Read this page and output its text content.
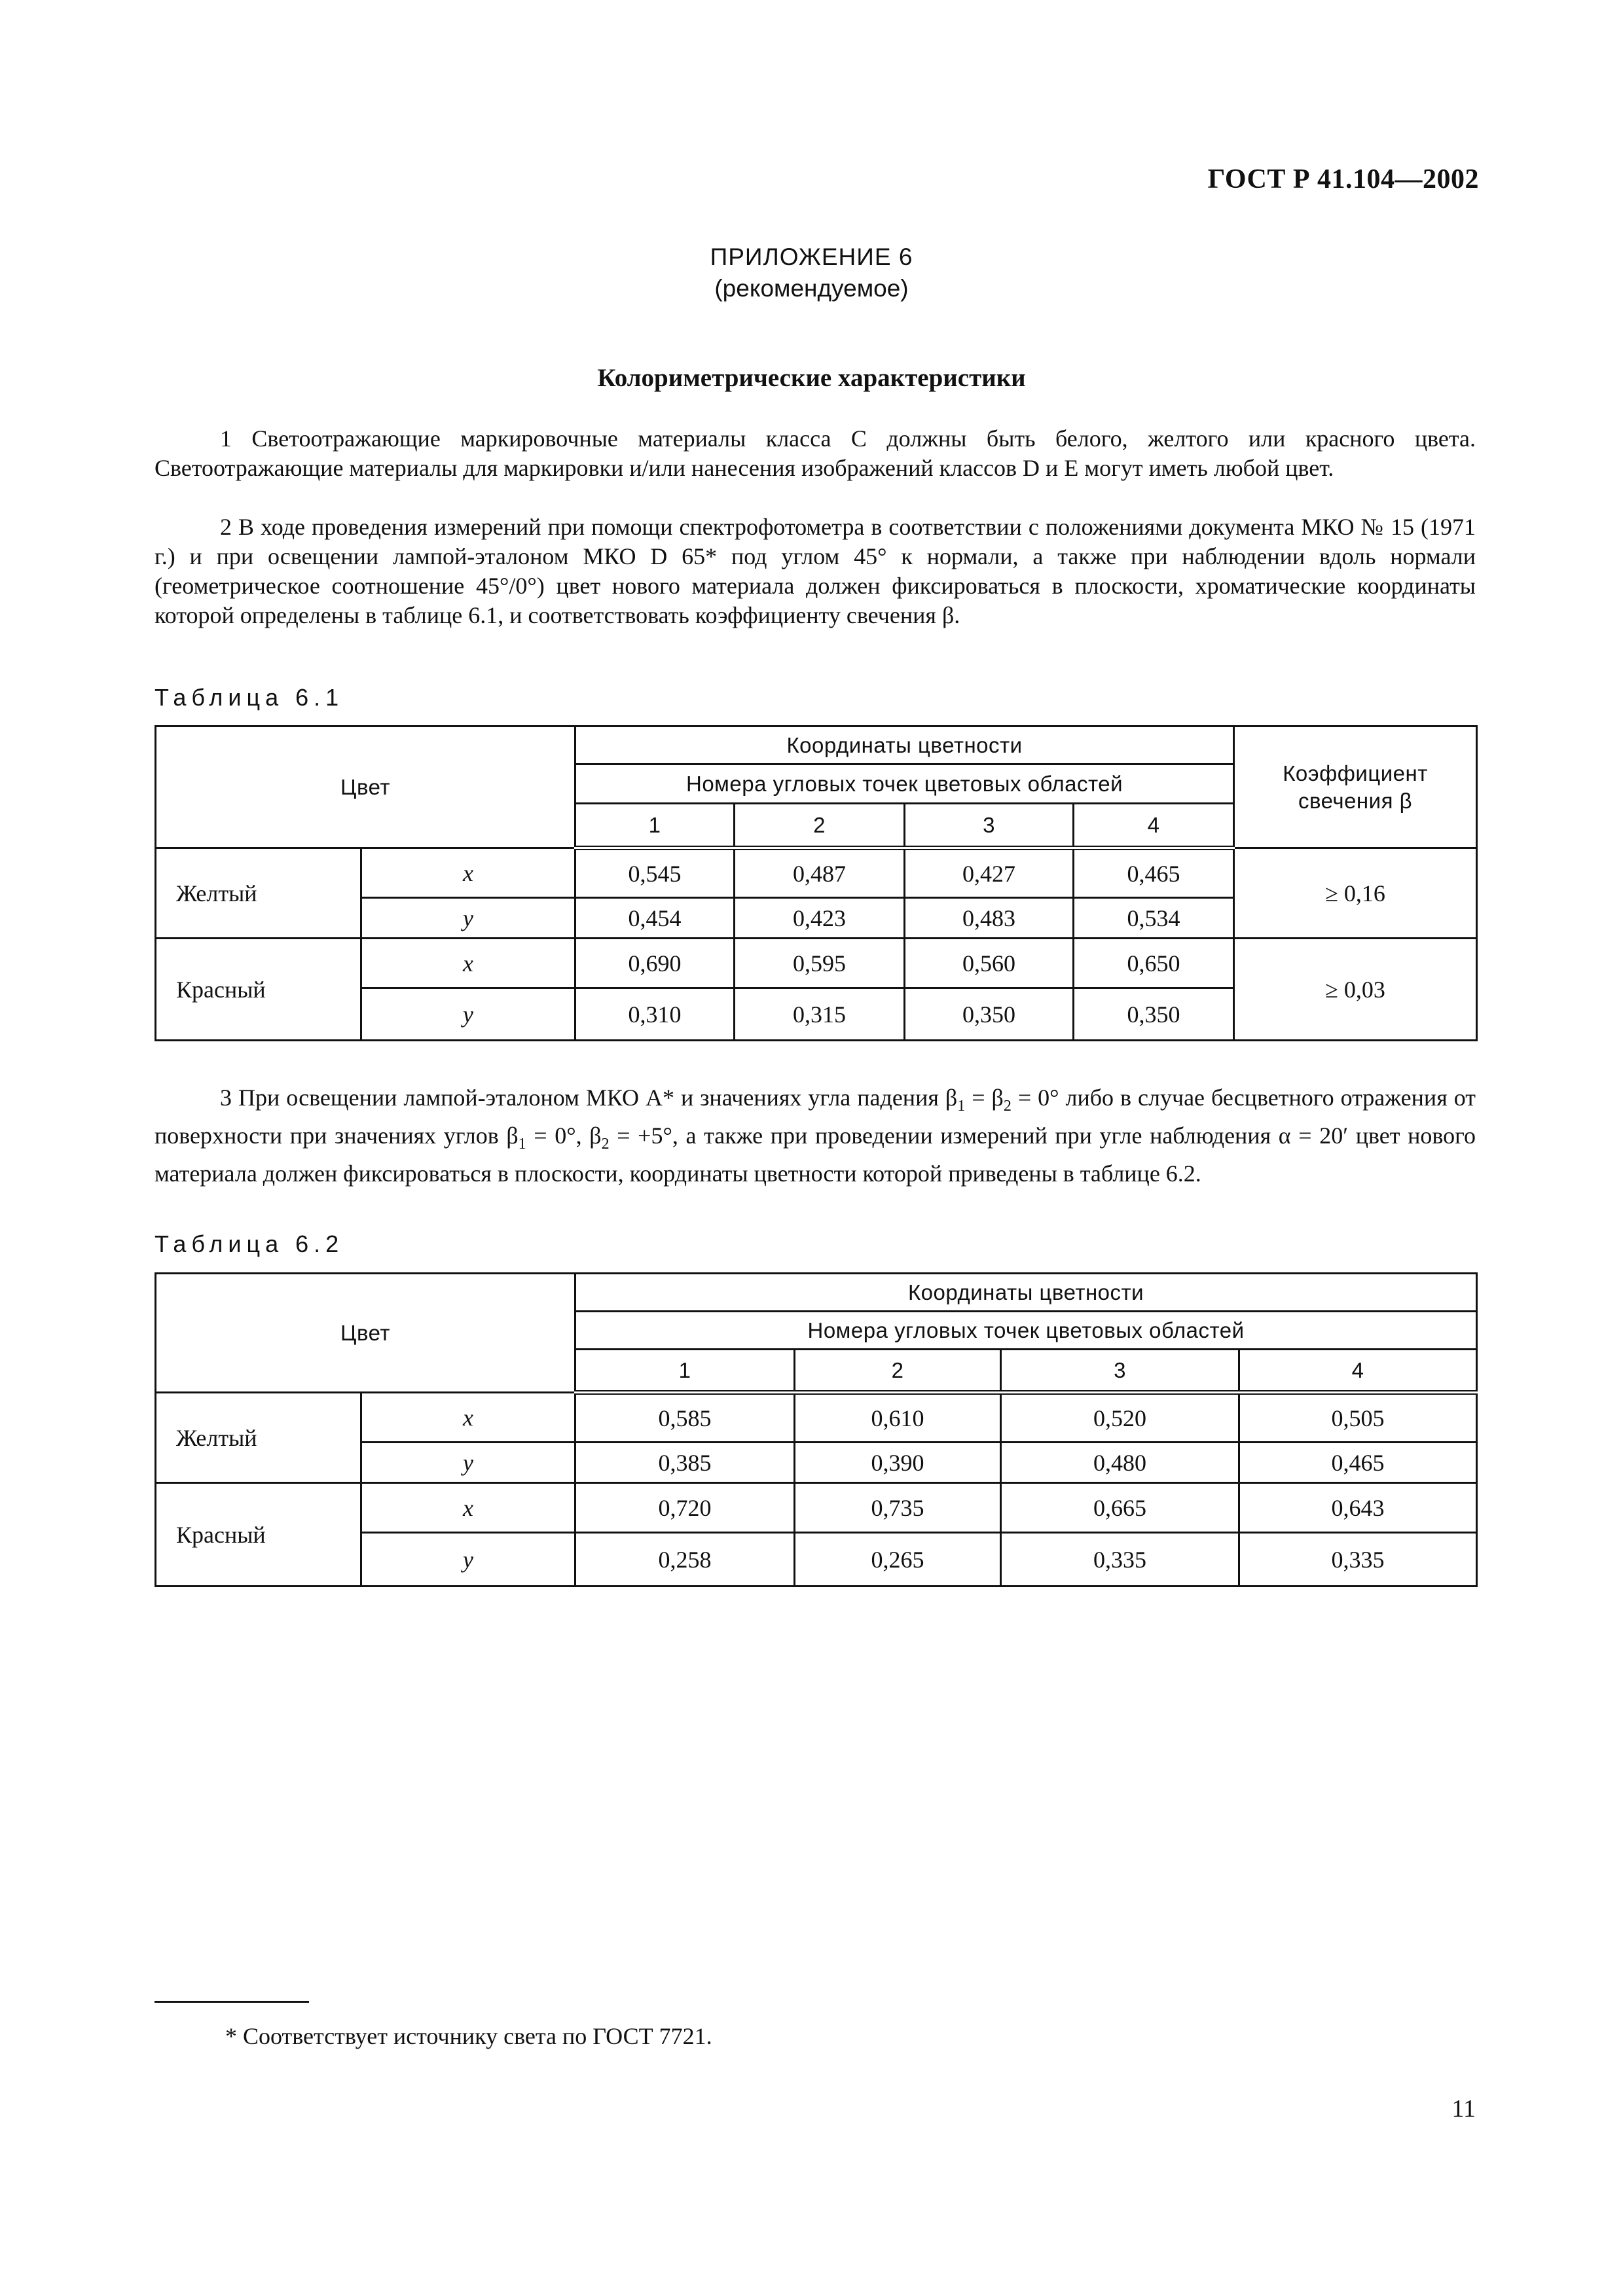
ГОСТ Р 41.104—2002
ПРИЛОЖЕНИЕ 6
(рекомендуемое)
Колориметрические характеристики

1 Светоотражающие маркировочные материалы класса С должны быть белого, желтого или красного цвета. Светоотражающие материалы для маркировки и/или нанесения изображений классов D и Е могут иметь любой цвет.

2 В ходе проведения измерений при помощи спектрофотометра в соответствии с положениями документа МКО № 15 (1971 г.) и при освещении лампой-эталоном МКО D 65* под углом 45° к нормали, а также при наблюдении вдоль нормали (геометрическое соотношение 45°/0°) цвет нового материала должен фиксироваться в плоскости, хроматические координаты которой определены в таблице 6.1, и соответствовать коэффициенту свечения β.

Таблица 6.1
Цвет		Координаты цветности				Коэффициент свечения β
		Номера угловых точек цветовых областей				
		1	2	3	4	
Желтый	x	0,545	0,487	0,427	0,465	≥ 0,16
	y	0,454	0,423	0,483	0,534	
Красный	x	0,690	0,595	0,560	0,650	≥ 0,03
	y	0,310	0,315	0,350	0,350	

3 При освещении лампой-эталоном МКО А* и значениях угла падения $\beta_1 = \beta_2 = 0^\circ$ либо в случае бесцветного отражения от поверхности при значениях углов $\beta_1 = 0^\circ$, $\beta_2 = +5^\circ$, а также при проведении измерений при угле наблюдения α = 20′ цвет нового материала должен фиксироваться в плоскости, координаты цветности которой приведены в таблице 6.2.

Таблица 6.2
Цвет		Координаты цветности			
		Номера угловых точек цветовых областей			
		1	2	3	4
Желтый	x	0,585	0,610	0,520	0,505
	y	0,385	0,390	0,480	0,465
Красный	x	0,720	0,735	0,665	0,643
	y	0,258	0,265	0,335	0,335
* Соответствует источнику света по ГОСТ 7721.
11
